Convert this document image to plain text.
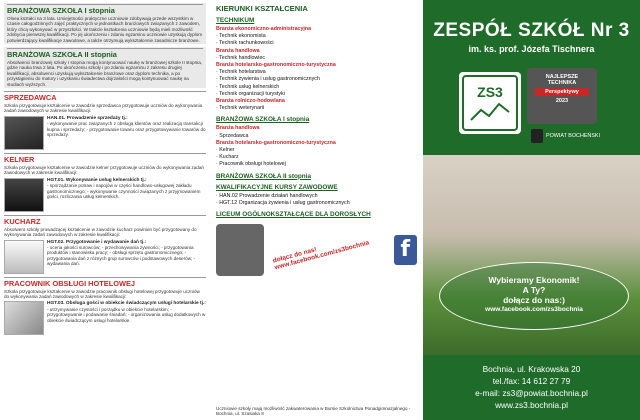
BRANŻOWA SZKOŁA I stopnia
Olnea kształci na 3 lata. Umiejętności praktyczne uczniowie zdobywają przede wszystkim w czasie całogodzinnych zajęć praktycznych w jednostkach branżowych związanych z zawodem, który chcą wykonywać w przyszłości. W trakcie kształcenia uczniowie będą mieli możliwość zdobycia pierwszej kwalifikacji. Po jej ukończeniu i zdaniu egzaminu uczniowie uzyskują dyplom potwierdzający kwalifikacje zawodowe, a także otrzymują wykształcenie zasadnicze branżowe.
BRANŻOWA SZKOŁA II stopnia
Absolwenci branżowej szkoły I stopnia mogą kontynuować naukę w branżowej szkole II stopnia, gdzie nauka trwa 2 lata. Po ukończeniu szkoły i po zdaniu egzaminu z zakresu drugiej kwalifikacji, absolwenci uzyskują wykształcenie branżowe oraz dyplom technika, a po przystąpieniu do matury i uzyskaniu świadectwa dojrzałości mogą kontynuować naukę na studiach wyższych.
SPRZEDAWCA
Szkoła przygotowuje kształcenie w zawodzie sprzedawca przygotowuje uczniów do wykonywania zadań zawodowych w zakresie kwalifikacji:
HAN.01. Prowadzenie sprzedaży tj.:
- wykonywanie prac związanych z obsługą klientów oraz realizacją transakcji kupna i sprzedaży; - przygotowanie towaru oraz przygotowywanie towarów do sprzedaży.
KELNER
Szkoła przygotowuje kształcenie w zawodzie kelner przygotowuje uczniów do wykonywania zadań zawodowych w zakresie kwalifikacji:
HGT.01. Wykonywanie usług kelnerskich tj.:
- sporządzanie potraw i napojów w części handlowo-usługowej zakładu gastronomicznego; - wykonywanie czynności związanych z przyjmowaniem gości, rozliczania usług kelnerskich.
KUCHARZ
Absolwent szkoły prowadzącej kształcenie w zawodzie kucharz powinien być przygotowany do wykonywania zadań zawodowych w zakresie kwalifikacji:
HGT.02. Przygotowanie i wydawanie dań tj.:
- ocena jakości surowców; - przechowywania żywności; - przygotowania produktów i stanowiska pracy; - obsługi sprzętu gastronomicznego; - przygotowania dań z różnych grup surowców i podstawowych deserów; - wydawania dań.
PRACOWNIK OBSŁUGI HOTELOWEJ
Szkoła przygotowuje kształcenie w zawodzie pracownik obsługi hotelowej przygotowuje uczniów do wykonywania zadań zawodowych w zakresie kwalifikacji:
HGT.03. Obsługa gości w obiekcie świadczącym usługi hotelarskie tj.:
- utrzymywanie czystości i porządku w obiekcie hotelarskim; - przygotowywanie i podawanie śniadań; - organizowania usług dodatkowych w obiekcie świadczącym usługi hotelarskie.
KIERUNKI KSZTAŁCENIA
TECHNIKUM
Branża ekonomiczno-administracyjna
· Technik ekonomista
· Technik rachunkowości
Branża handlowa
· Technik handlowiec
Branża hotelarsko-gastronomiczno-turystyczna
· Technik hotelarstwa
· Technik żywienia i usług gastronomicznych
· Technik usług kelnerskich
· Technik organizacji turystyki
Branża rolniczo-hodowlana
· Technik weterynarii
BRANŻOWA SZKOŁA I stopnia
Branża handlowa
· Sprzedawca
Branża hotelarsko-gastronomiczno-turystyczna
· Kelner
· Kucharz
· Pracownik obsługi hotelowej
BRANŻOWA SZKOŁA II stopnia
KWALIFIKACYJNE KURSY ZAWODOWE
· HAN.02 Prowadzenie działań handlowych
· HGT.12 Organizacja żywienia i usług gastronomicznych
LICEUM OGÓLNOKSZTAŁCĄCE DLA DOROSŁYCH
dołącz do nas! www.facebook.com/zs3bochnia	f
Uczniowie szkoły mają możliwość zakwaterowania w Bursie Szkolnictwa Ponadgimnazjalnego - Bochnia, ul. Szasiaka 8
ZESPÓŁ SZKÓŁ Nr 3
im. ks. prof. Józefa Tischnera
ZS3
NAJLEPSZE
TECHNIKA
Perspektywy
2023
POWIAT BOCHEŃSKI
Wybieramy Ekonomik!
A Ty?
dołącz do nas:)
www.facebook.com/zs3bochnia
Bochnia, ul. Krakowska 20
tel./fax: 14 612 27 79
e-mail: zs3@powiat.bochnia.pl
www.zs3.bochnia.pl
